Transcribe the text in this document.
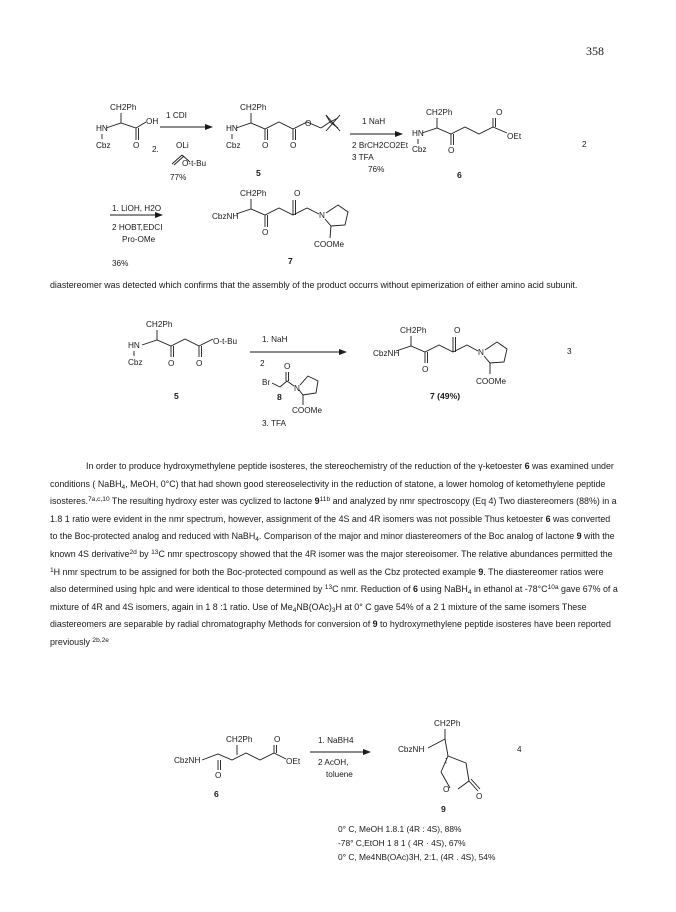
358
CH2Ph
HN
Cbz
OH
O
1 CDI
2. OLi
O-t-Bu
77%
CH2Ph
HN
Cbz	O	O
O
5
1 NaH
2 BrCH2CO2Et
3 TFA
76%
CH2Ph	O
OEt
HN
Cbz	O
6
2
1. LiOH, H2O
2 HOBT,EDCI
Pro-OMe
36%
CH2Ph	O
CbzNH
O
N
COOMe
7
CH2Ph
O-t-Bu
HN
Cbz	O	O
5
1. NaH
2 O
Br
N
COOMe
8
3. TFA
CH2Ph	O
CbzNH
O
N
COOMe
7 (49%)
3
CH2Ph	O
CbzNH	OEt
O
6
1. NaBH4
2 AcOH,
toluene
CH2Ph
CbzNH
O
O
9
4

diastereomer was detected which confirms that the assembly of the product occurrs without epimerization of either amino acid subunit.

In order to produce hydroxymethylene peptide isosteres, the stereochemistry of the reduction of the γ-ketoester 6 was examined under conditions ( NaBH$_4$, MeOH, 0°C) that had shown good stereoselectivity in the reduction of statone, a lower homolog of ketomethylene peptide isosteres.$^{7a,c,10}$ The resulting hydroxy ester was cyclized to lactone $9^{11b}$ and analyzed by nmr spectroscopy (Eq 4) Two diastereomers (88%) in a 1.8 1 ratio were evident in the nmr spectrum, however, assignment of the 4S and 4R isomers was not possible Thus ketoester 6 was converted to the Boc-protected analog and reduced with NaBH$_4$. Comparison of the major and minor diastereomers of the Boc analog of lactone 9 with the known 4S derivative$^{2d}$ by $^{13}$C nmr spectroscopy showed that the 4R isomer was the major stereoisomer. The relative abundances permitted the $^1$H nmr spectrum to be assigned for both the Boc-protected compound as well as the Cbz protected example 9. The diastereomer ratios were also determined using hplc and were identical to those determined by $^{13}$C nmr. Reduction of 6 using NaBH$_4$ in ethanol at $-78^\circ C^{10a}$ gave 67% of a mixture of 4R and 4S isomers, again in 1 8 :1 ratio. Use of $Me_4NB(OAc)_3H$ at 0° C gave 54% of a 2 1 mixture of the same isomers These diastereomers are separable by radial chromatography Methods for conversion of 9 to hydroxymethylene peptide isosteres have been reported previously $^{2b,2e}$

0° C, MeOH 1.8.1 (4R : 4S), 88%
-78° C,EtOH 1 8 1 ( 4R · 4S), 67%
0° C, Me4NB(OAc)3H, 2:1, (4R . 4S), 54%
